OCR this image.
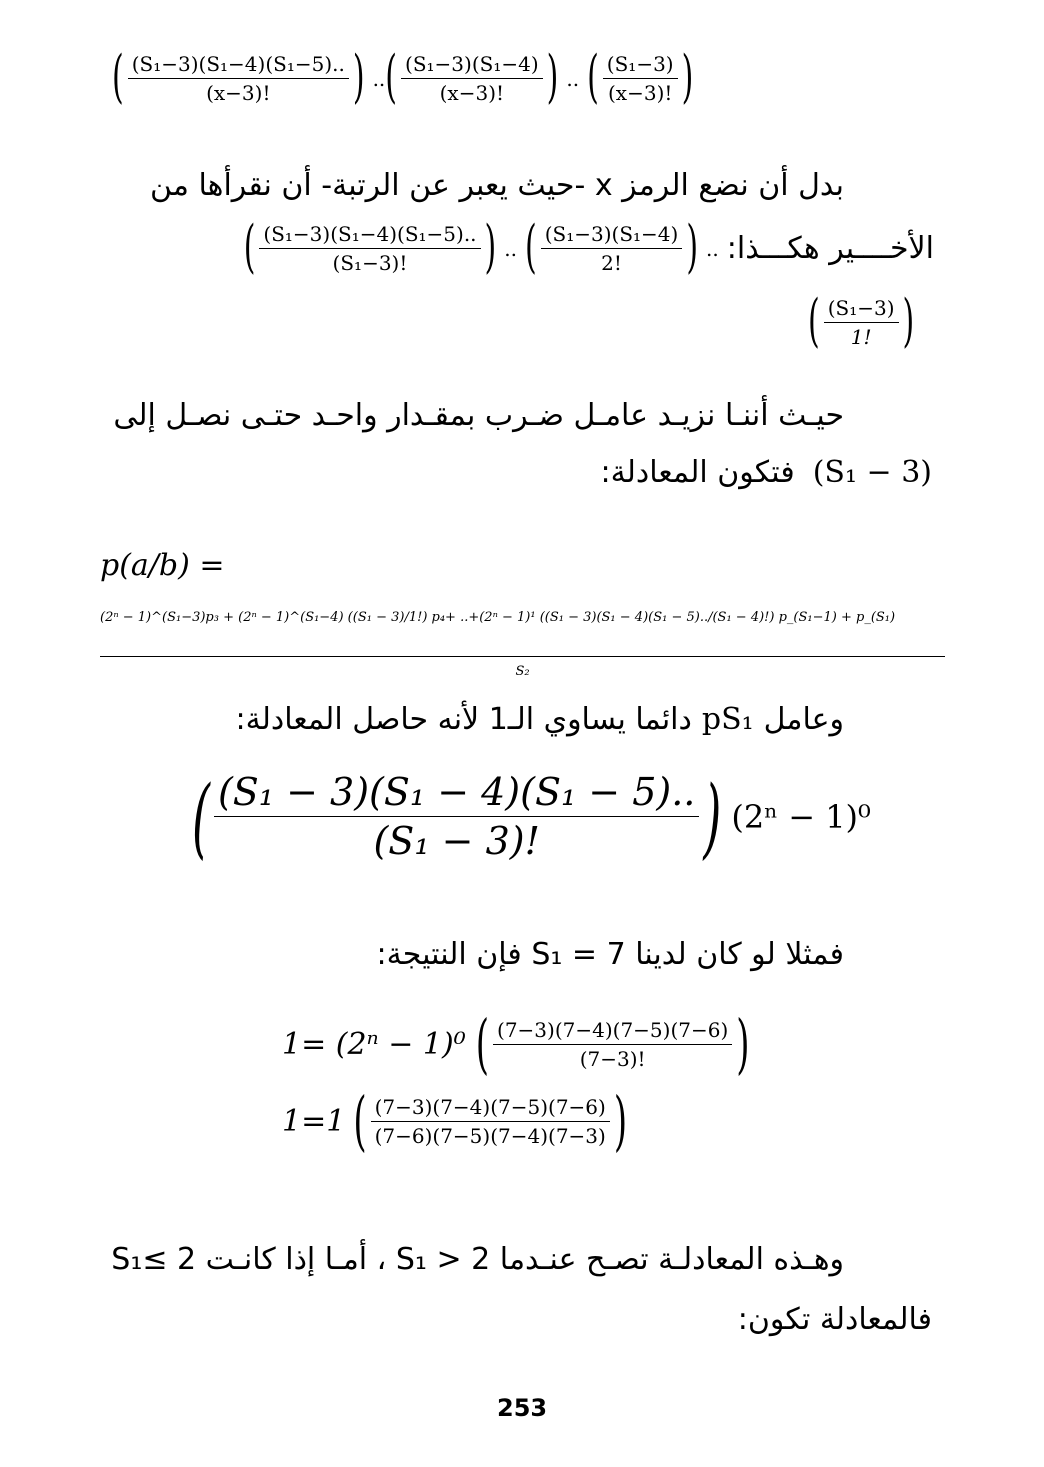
( $\frac{\text{(S₁−3)(S₁−4)(S₁−5)..}}{(x-3)!}$ ) .. ( $\frac{\text{(S₁−3)(S₁−4)}}{(x-3)!}$ ) .. ( $\frac{\text{(S₁−3)}}{(x-3)!}$ )
بدل أن نضع الرمز x -حيث يعبر عن الرتبة- أن نقرأها من
الأخــــير هكـــذا:
( $\frac{\text{(S₁−3)(S₁−4)(S₁−5)..}}{\text{(S₁−3)!}}$ ) .. ( $\frac{\text{(S₁−3)(S₁−4)}}{2!}$ ) ..
( $\frac{\text{(S₁−3)}}{1!}$ )
حيـث أننـا نزيـد عامـل ضـرب بمقـدار واحـد حتـى نصـل إلى
(S₁ − 3)
فتكون المعادلة:
p(a/b) =
(2ⁿ − 1)^(S₁−3)p₃ + (2ⁿ − 1)^(S₁−4) ((S₁ − 3)/1!) p₄+ ..+(2ⁿ − 1)¹ ((S₁ − 3)(S₁ − 4)(S₁ − 5)../(S₁ − 4)!) p_(S₁−1) + p_(S₁)
S₂
وعامل
pS₁
دائما يساوي الـ1 لأنه حاصل المعادلة:
( $\frac{\text{(S₁ − 3)(S₁ − 4)(S₁ − 5)..}}{\text{(S₁ − 3)!}}$ ) (2ⁿ − 1)⁰
فمثلا لو كان لدينا S₁ = 7 فإن النتيجة:
1= (2ⁿ − 1)⁰ ( $\frac{(7-3)(7-4)(7-5)(7-6)}{(7-3)!}$ )
1=1 ( $\frac{(7-3)(7-4)(7-5)(7-6)}{(7-6)(7-5)(7-4)(7-3)}$ )
وهـذه المعادلـة تصـح عنـدما S₁ > 2 ، أمـا إذا كانـت S₁≤ 2
فالمعادلة تكون:
253
